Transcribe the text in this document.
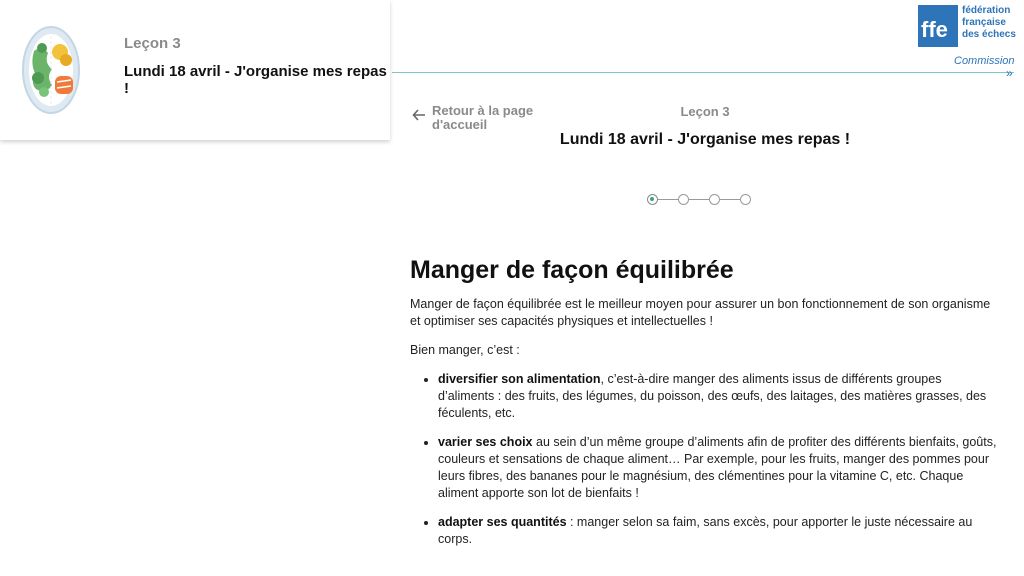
Leçon 3
Lundi 18 avril - J'organise mes repas !
ffe
fédération
française
des échecs
Commission
»
Retour à la page d'accueil
Leçon 3
Lundi 18 avril - J'organise mes repas !
Manger de façon équilibrée

Manger de façon équilibrée est le meilleur moyen pour assurer un bon fonctionnement de son organisme et optimiser ses capacités physiques et intellectuelles !

Bien manger, c’est :

• diversifier son alimentation, c’est-à-dire manger des aliments issus de différents groupes d’aliments : des fruits, des légumes, du poisson, des œufs, des laitages, des matières grasses, des féculents, etc.
• varier ses choix au sein d’un même groupe d’aliments afin de profiter des différents bienfaits, goûts, couleurs et sensations de chaque aliment… Par exemple, pour les fruits, manger des pommes pour leurs fibres, des bananes pour le magnésium, des clémentines pour la vitamine C, etc. Chaque aliment apporte son lot de bienfaits !
• adapter ses quantités : manger selon sa faim, sans excès, pour apporter le juste nécessaire au corps.
